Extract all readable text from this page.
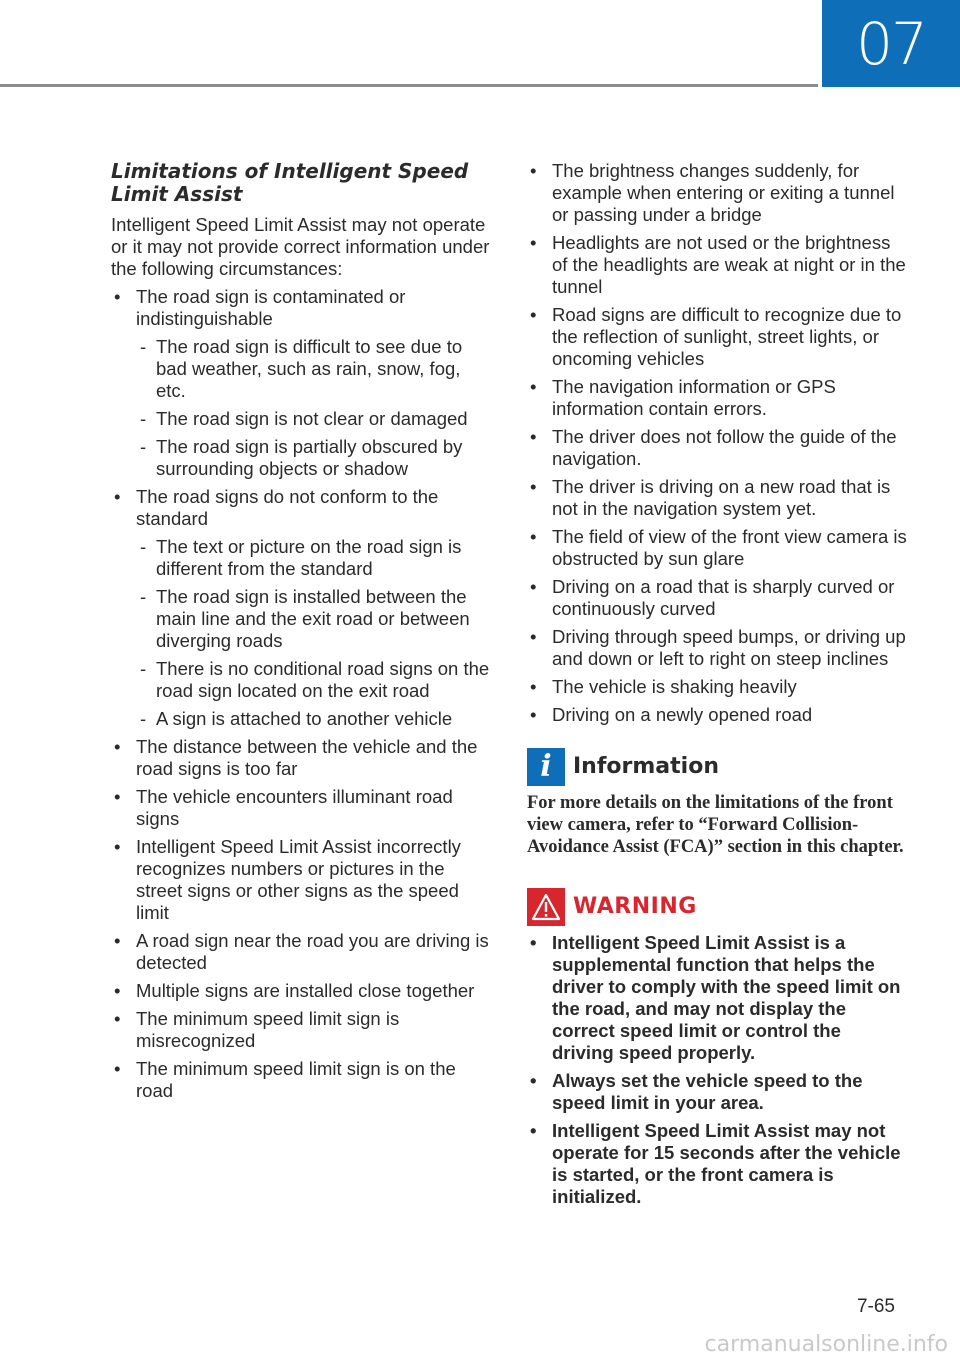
07
Limitations of Intelligent Speed Limit Assist

Intelligent Speed Limit Assist may not operate or it may not provide correct information under the following circumstances:

• The road sign is contaminated or indistinguishable
- The road sign is difficult to see due to bad weather, such as rain, snow, fog, etc.
- The road sign is not clear or damaged
- The road sign is partially obscured by surrounding objects or shadow
• The road signs do not conform to the standard
- The text or picture on the road sign is different from the standard
- The road sign is installed between the main line and the exit road or between diverging roads
- There is no conditional road signs on the road sign located on the exit road
- A sign is attached to another vehicle
• The distance between the vehicle and the road signs is too far
• The vehicle encounters illuminant road signs
• Intelligent Speed Limit Assist incorrectly recognizes numbers or pictures in the street signs or other signs as the speed limit
• A road sign near the road you are driving is detected
• Multiple signs are installed close together
• The minimum speed limit sign is misrecognized
• The minimum speed limit sign is on the road
• The brightness changes suddenly, for example when entering or exiting a tunnel or passing under a bridge
• Headlights are not used or the brightness of the headlights are weak at night or in the tunnel
• Road signs are difficult to recognize due to the reflection of sunlight, street lights, or oncoming vehicles
• The navigation information or GPS information contain errors.
• The driver does not follow the guide of the navigation.
• The driver is driving on a new road that is not in the navigation system yet.
• The field of view of the front view camera is obstructed by sun glare
• Driving on a road that is sharply curved or continuously curved
• Driving through speed bumps, or driving up and down or left to right on steep inclines
• The vehicle is shaking heavily
• Driving on a newly opened road
i Information

For more details on the limitations of the front view camera, refer to “Forward Collision-Avoidance Assist (FCA)” section in this chapter.

WARNING
• Intelligent Speed Limit Assist is a supplemental function that helps the driver to comply with the speed limit on the road, and may not display the correct speed limit or control the driving speed properly.
• Always set the vehicle speed to the speed limit in your area.
• Intelligent Speed Limit Assist may not operate for 15 seconds after the vehicle is started, or the front camera is initialized.
7-65
carmanualsonline.info
